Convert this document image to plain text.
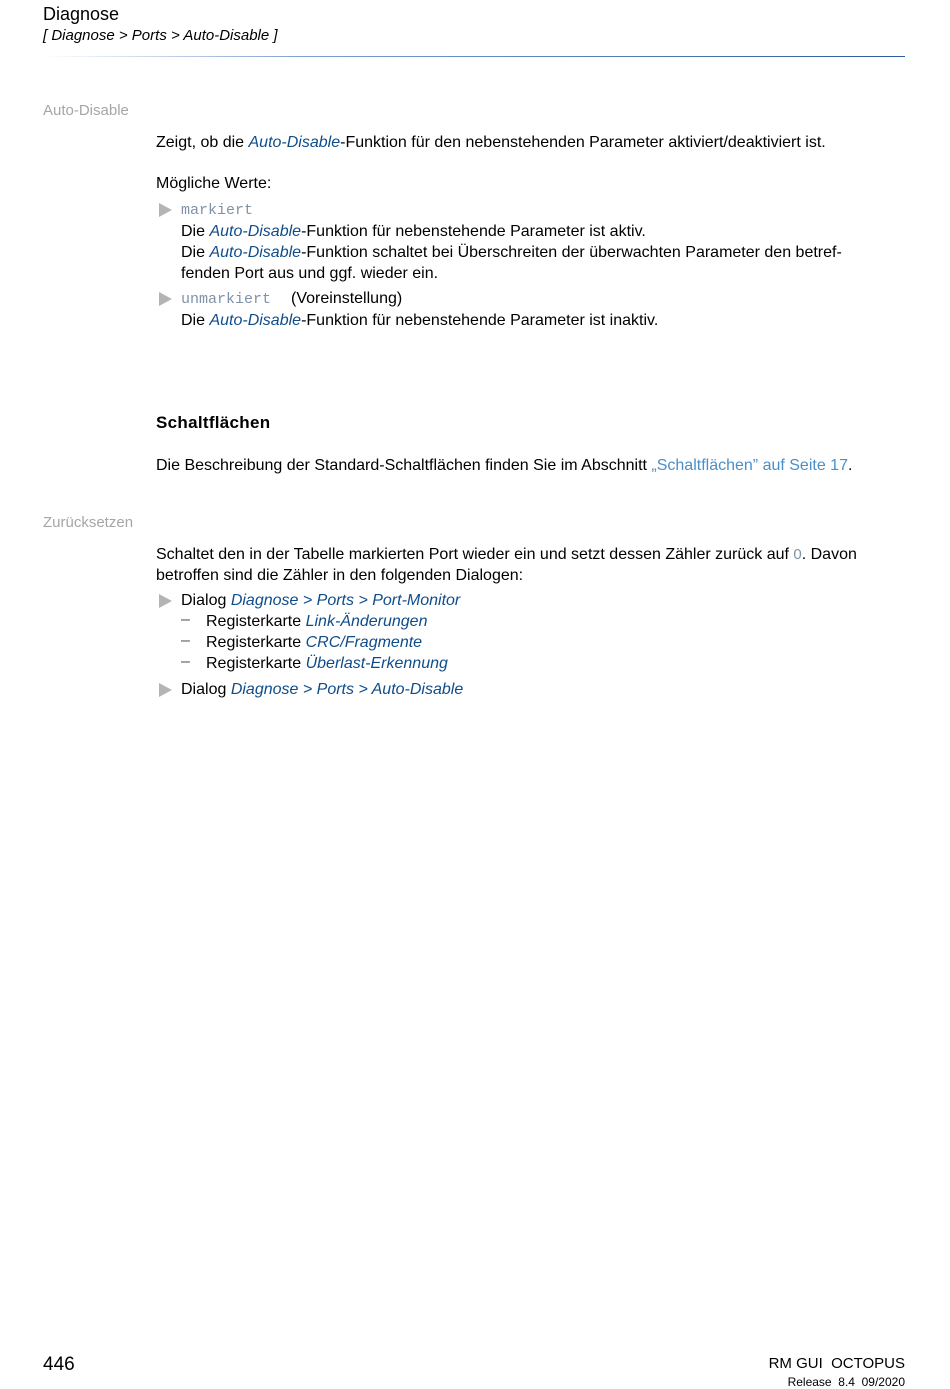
Diagnose
[ Diagnose > Ports > Auto-Disable ]
Auto-Disable
Zeigt, ob die Auto-Disable-Funktion für den nebenstehenden Parameter aktiviert/deaktiviert ist.
Mögliche Werte:
markiert
Die Auto-Disable-Funktion für nebenstehende Parameter ist aktiv.
Die Auto-Disable-Funktion schaltet bei Überschreiten der überwachten Parameter den betref-
fenden Port aus und ggf. wieder ein.
unmarkiert (Voreinstellung)
Die Auto-Disable-Funktion für nebenstehende Parameter ist inaktiv.
Schaltflächen
Die Beschreibung der Standard-Schaltflächen finden Sie im Abschnitt „Schaltflächen” auf Seite 17.
Zurücksetzen
Schaltet den in der Tabelle markierten Port wieder ein und setzt dessen Zähler zurück auf 0. Davon
betroffen sind die Zähler in den folgenden Dialogen:
Dialog Diagnose > Ports > Port-Monitor
– Registerkarte Link-Änderungen
– Registerkarte CRC/Fragmente
– Registerkarte Überlast-Erkennung
Dialog Diagnose > Ports > Auto-Disable
446	RM GUI  OCTOPUS
Release  8.4  09/2020
